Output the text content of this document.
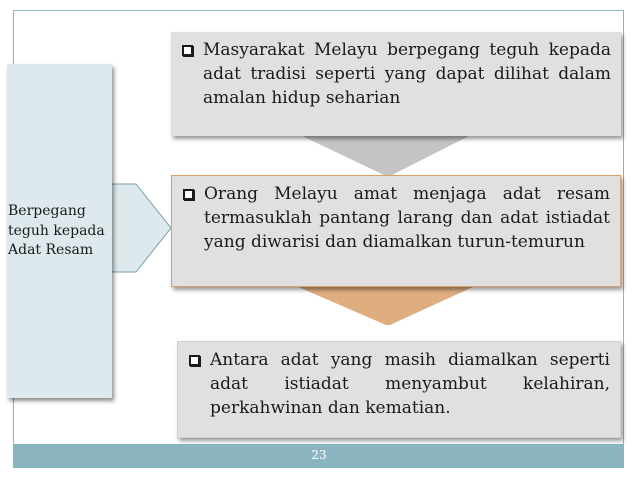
23
Berpegang teguh kepada Adat Resam
Masyarakat Melayu berpegang teguh kepada adat tradisi seperti yang dapat dilihat dalam amalan hidup seharian
Orang Melayu amat menjaga adat resam termasuklah pantang larang dan adat istiadat yang diwarisi dan diamalkan turun-temurun
Antara adat yang masih diamalkan seperti adat istiadat menyambut kelahiran, perkahwinan dan kematian.
